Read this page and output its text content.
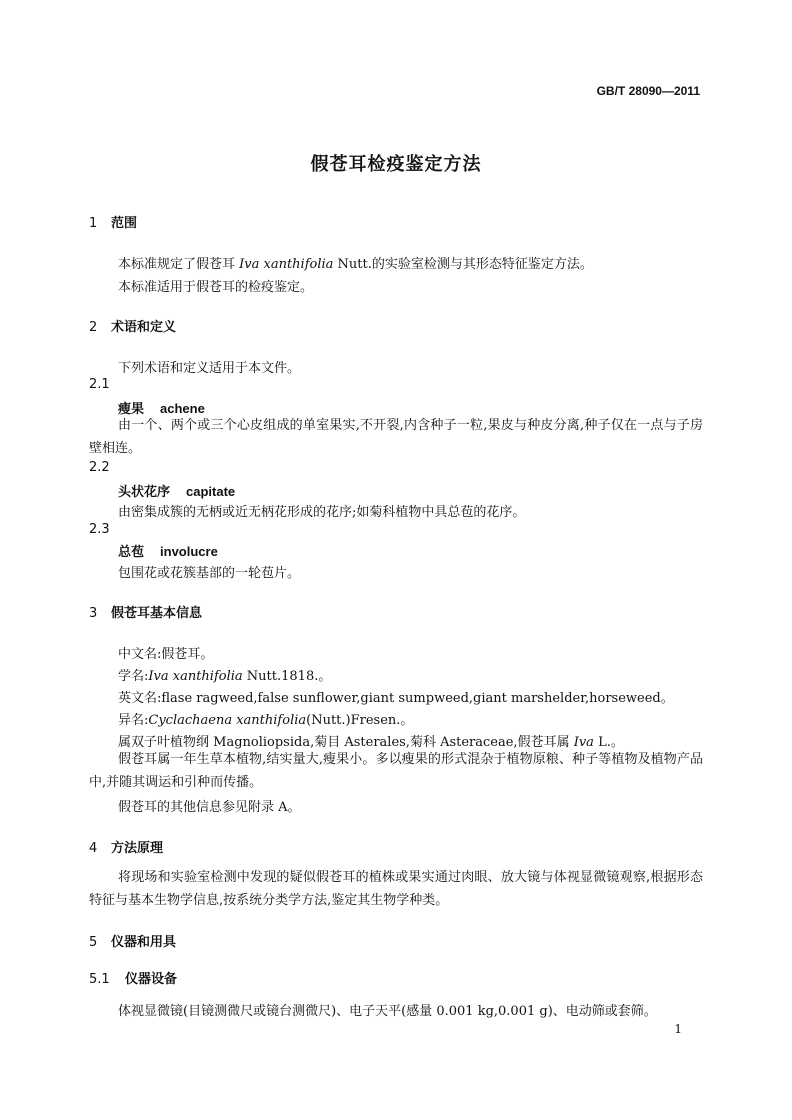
GB/T 28090—2011
假苍耳检疫鉴定方法
1 范围
本标准规定了假苍耳 Iva xanthifolia Nutt.的实验室检测与其形态特征鉴定方法。
本标准适用于假苍耳的检疫鉴定。
2 术语和定义
下列术语和定义适用于本文件。
2.1
瘦果 achene
由一个、两个或三个心皮组成的单室果实,不开裂,内含种子一粒,果皮与种皮分离,种子仅在一点与子房壁相连。
2.2
头状花序 capitate
由密集成簇的无柄或近无柄花形成的花序;如菊科植物中具总苞的花序。
2.3
总苞 involucre
包围花或花簇基部的一轮苞片。
3 假苍耳基本信息
中文名:假苍耳。
学名:Iva xanthifolia Nutt.1818.。
英文名:flase ragweed,false sunflower,giant sumpweed,giant marshelder,horseweed。
异名:Cyclachaena xanthifolia(Nutt.)Fresen.。
属双子叶植物纲 Magnoliopsida,菊目 Asterales,菊科 Asteraceae,假苍耳属 Iva L.。
假苍耳属一年生草本植物,结实量大,瘦果小。多以瘦果的形式混杂于植物原粮、种子等植物及植物产品中,并随其调运和引种而传播。
假苍耳的其他信息参见附录 A。
4 方法原理
将现场和实验室检测中发现的疑似假苍耳的植株或果实通过肉眼、放大镜与体视显微镜观察,根据形态特征与基本生物学信息,按系统分类学方法,鉴定其生物学种类。
5 仪器和用具
5.1 仪器设备
体视显微镜(目镜测微尺或镜台测微尺)、电子天平(感量 0.001 kg,0.001 g)、电动筛或套筛。
1
